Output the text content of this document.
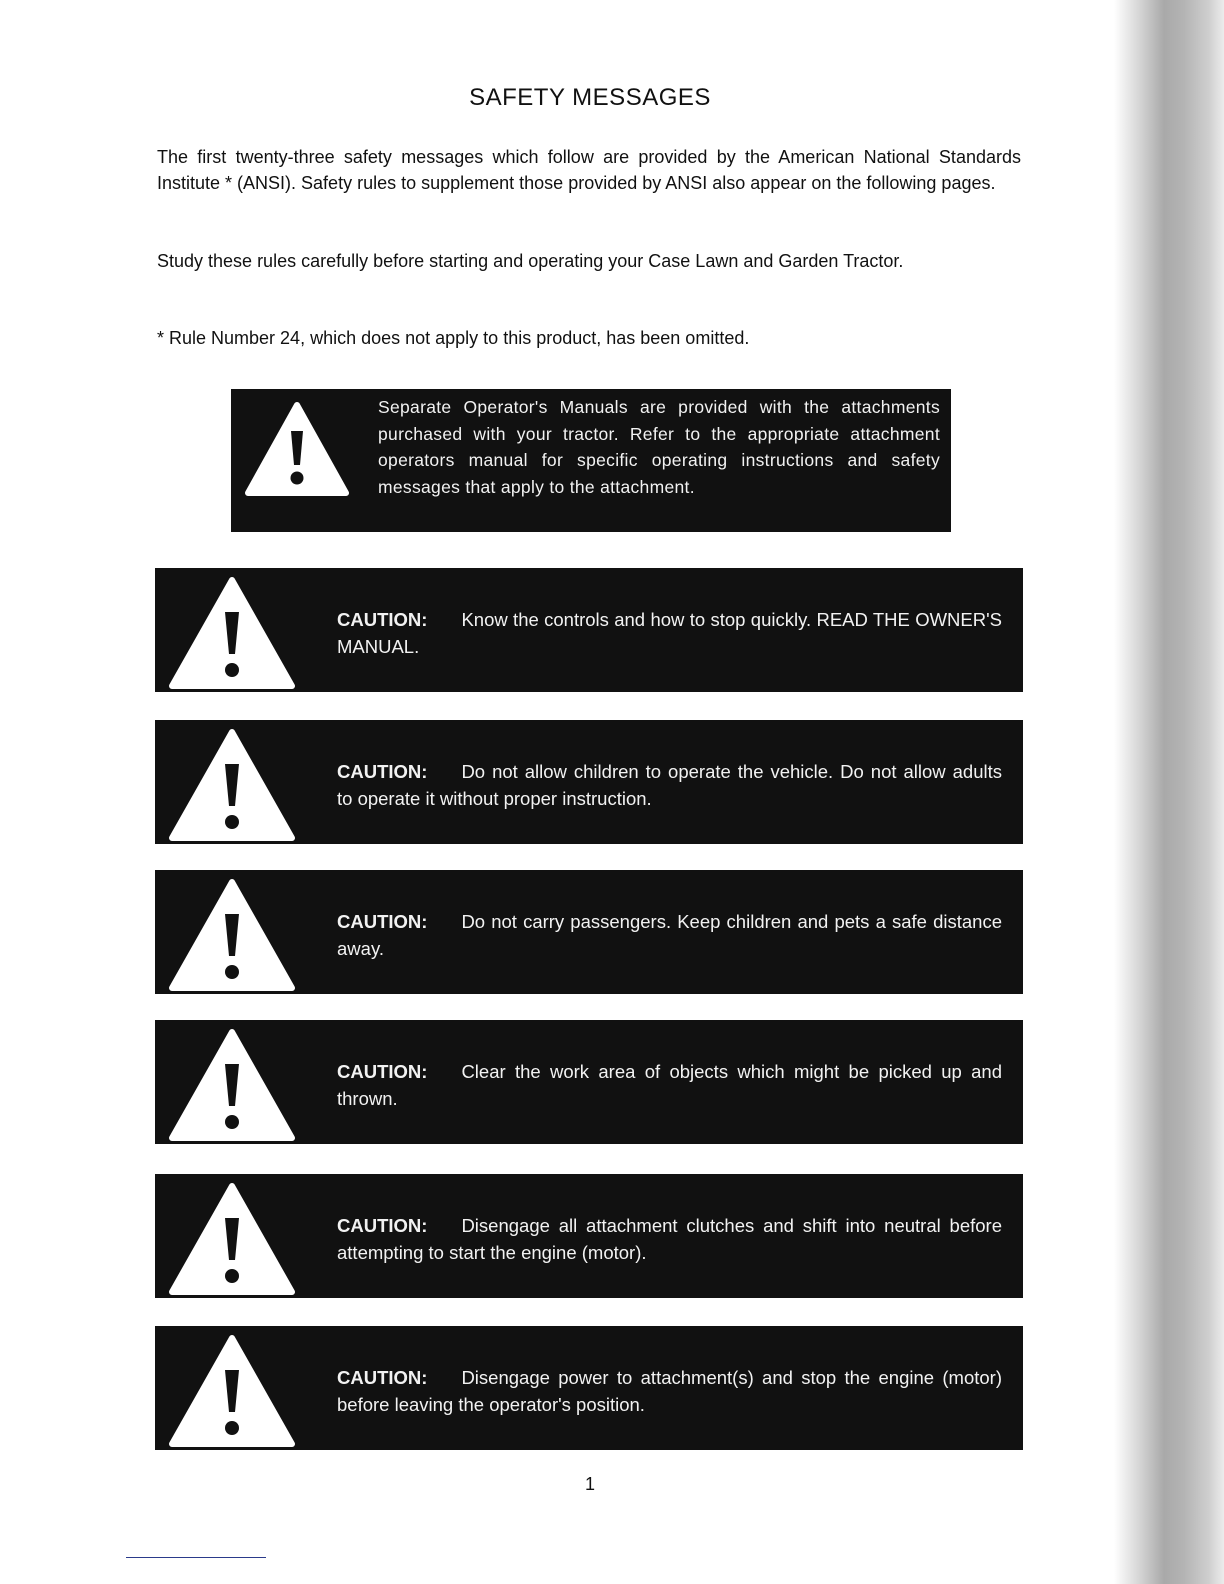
SAFETY MESSAGES

The first twenty-three safety messages which follow are provided by the American National Standards Institute * (ANSI). Safety rules to supplement those provided by ANSI also appear on the following pages.

Study these rules carefully before starting and operating your Case Lawn and Garden Tractor.

* Rule Number 24, which does not apply to this product, has been omitted.

Separate Operator's Manuals are provided with the attachments purchased with your tractor. Refer to the appropriate attachment operators manual for specific operating instructions and safety messages that apply to the attachment.

CAUTION: Know the controls and how to stop quickly. READ THE OWNER'S MANUAL.

CAUTION: Do not allow children to operate the vehicle. Do not allow adults to operate it without proper instruction.

CAUTION: Do not carry passengers. Keep children and pets a safe distance away.

CAUTION: Clear the work area of objects which might be picked up and thrown.

CAUTION: Disengage all attachment clutches and shift into neutral before attempting to start the engine (motor).

CAUTION: Disengage power to attachment(s) and stop the engine (motor) before leaving the operator's position.

1
